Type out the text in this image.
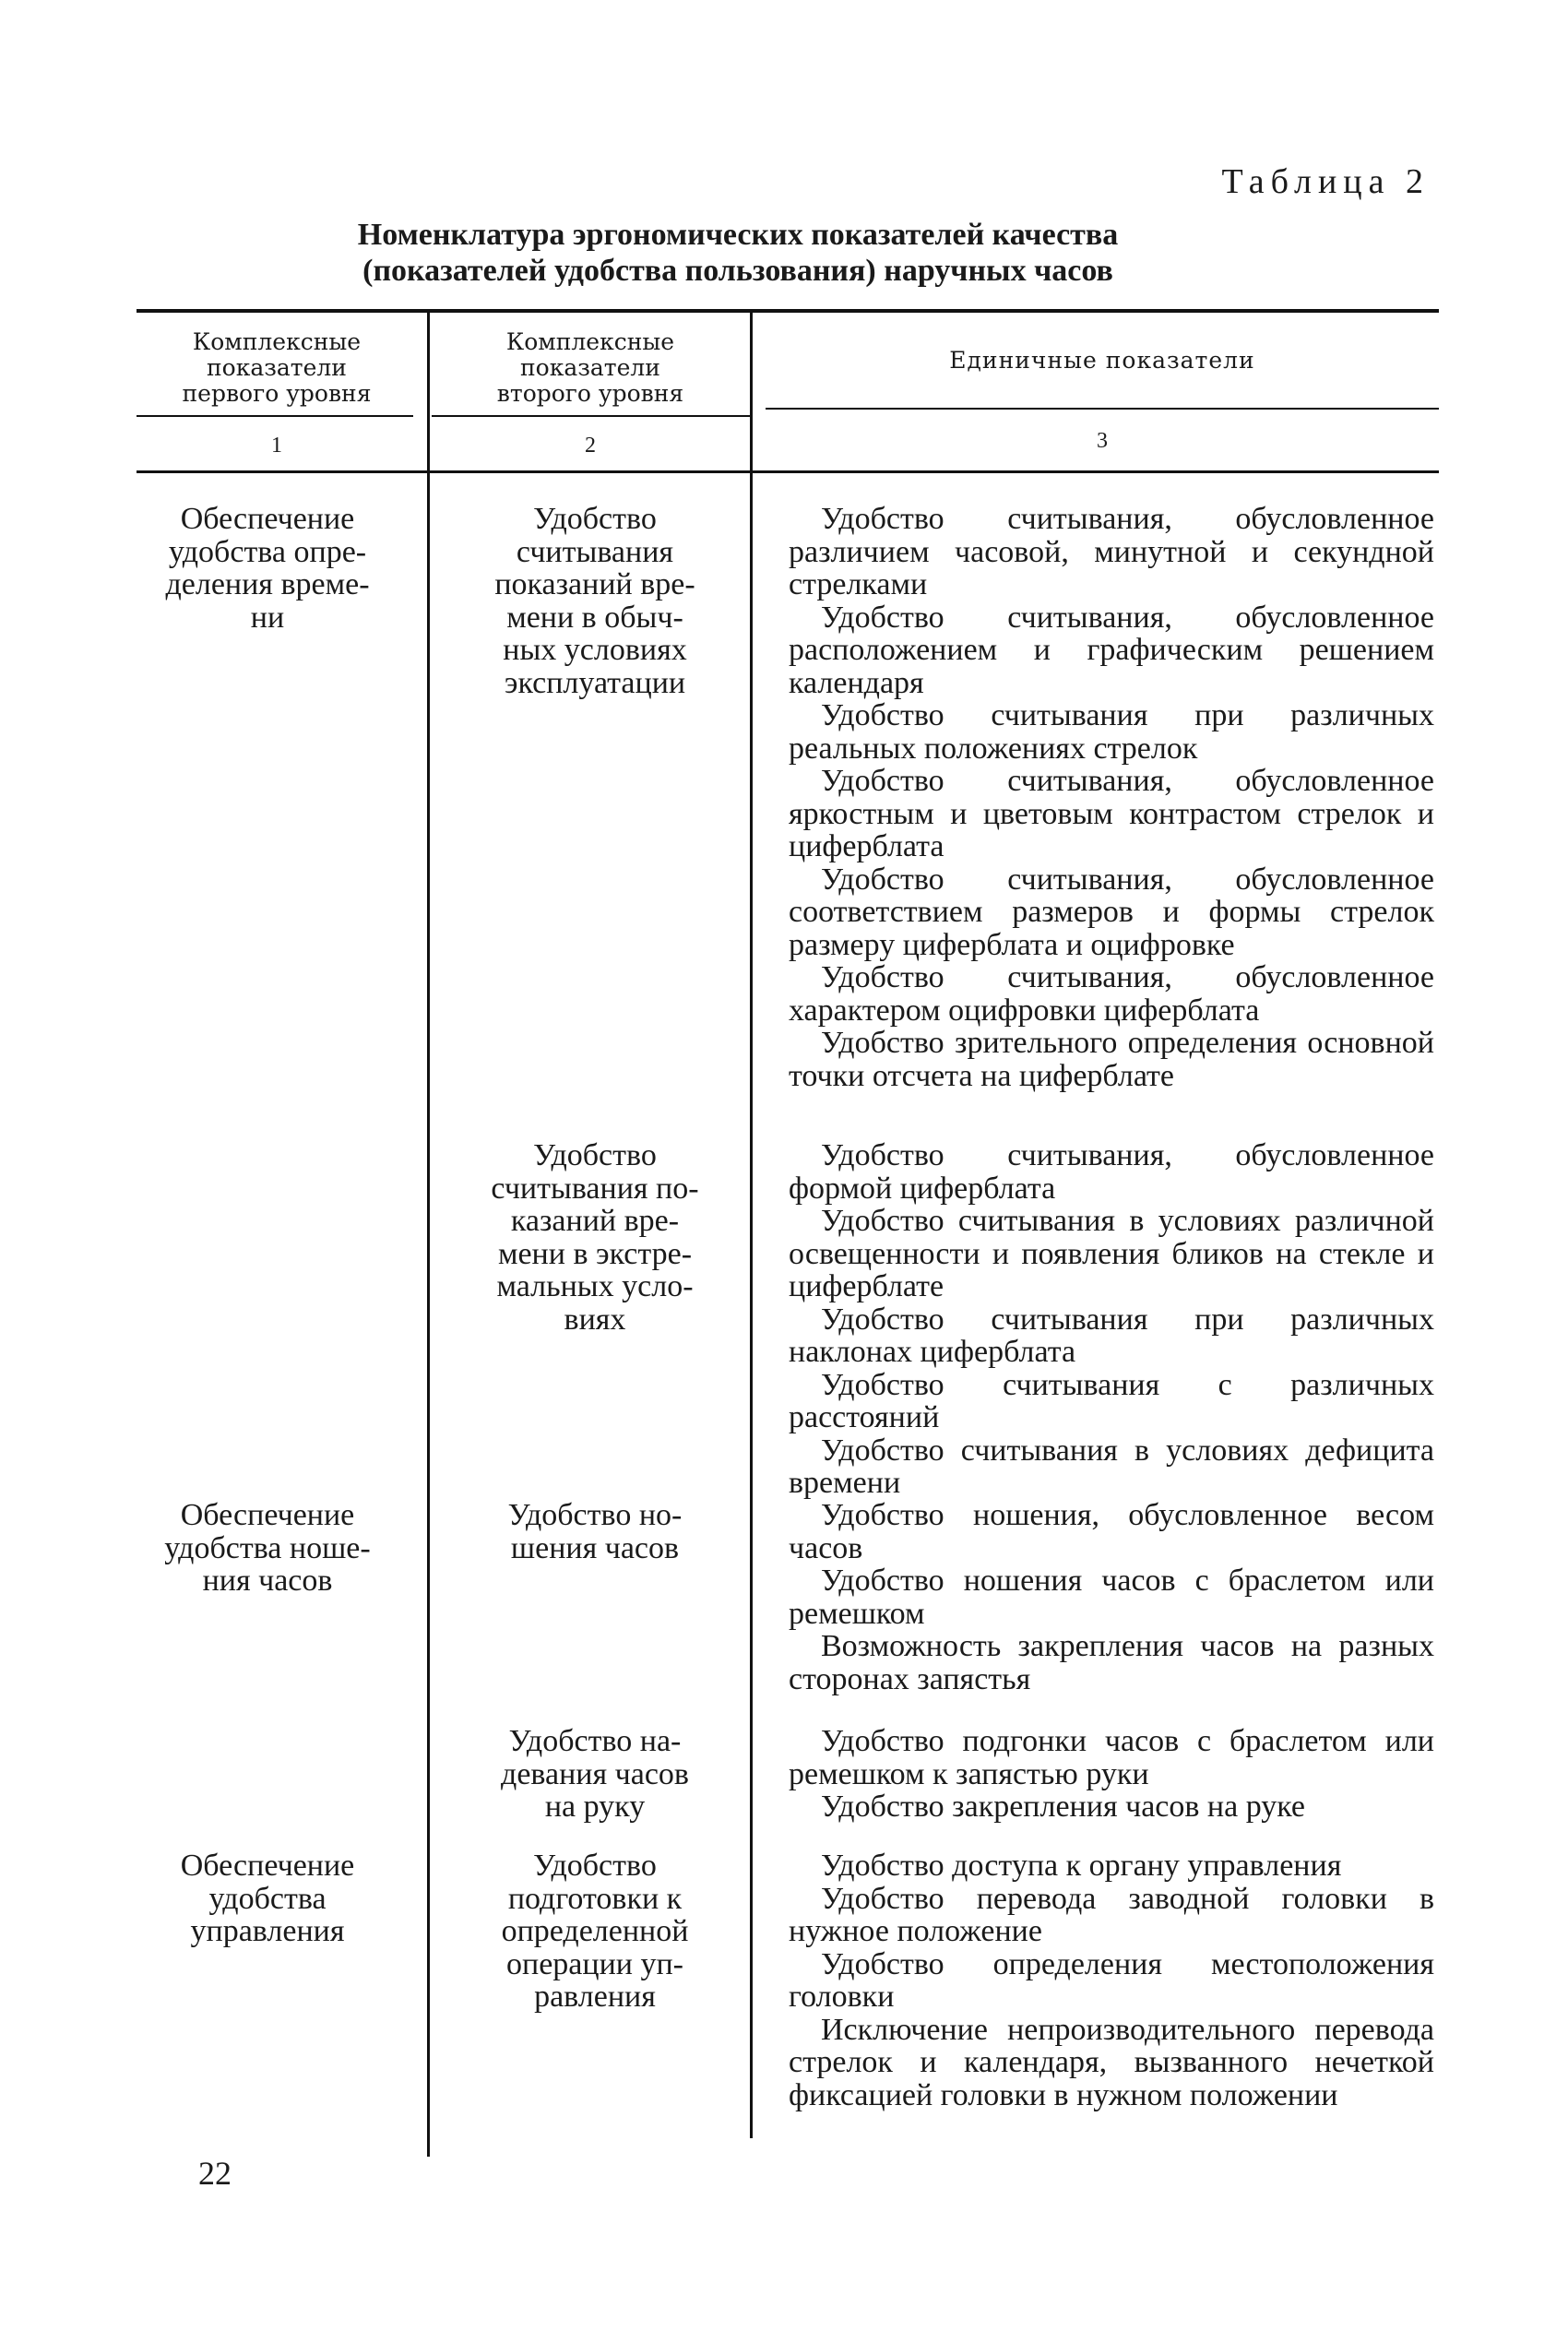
Таблица 2
Номенклатура эргономических показателей качества
(показателей удобства пользования) наручных часов
Комплексные
показатели
первого уровня
Комплексные
показатели
второго уровня
Единичные показатели
1	2	3
Обеспечение
удобства опре-
деления време-
ни
Удобство
считывания
показаний вре-
мени в обыч-
ных условиях
эксплуатации
Удобство считывания, обусловленное различием часовой, минутной и секундной стрелками
Удобство считывания, обусловленное расположением и графическим решением календаря
Удобство считывания при различных реальных положениях стрелок
Удобство считывания, обусловленное яркостным и цветовым контрастом стрелок и циферблата
Удобство считывания, обусловленное соответствием размеров и формы стрелок размеру циферблата и оцифровке
Удобство считывания, обусловленное характером оцифровки циферблата
Удобство зрительного определения основной точки отсчета на циферблате
Удобство
считывания по-
казаний вре-
мени в экстре-
мальных усло-
виях
Удобство считывания, обусловленное формой циферблата
Удобство считывания в условиях различной освещенности и появления бликов на стекле и циферблате
Удобство считывания при различных наклонах циферблата
Удобство считывания с различных расстояний
Удобство считывания в условиях дефицита времени
Обеспечение
удобства ноше-
ния часов
Удобство но-
шения часов
Удобство ношения, обусловленное весом часов
Удобство ношения часов с браслетом или ремешком
Возможность закрепления часов на разных сторонах запястья
Удобство на-
девания часов
на руку
Удобство подгонки часов с браслетом или ремешком к запястью руки
Удобство закрепления часов на руке
Обеспечение
удобства
управления
Удобство
подготовки к
определенной
операции уп-
равления
Удобство доступа к органу управления
Удобство перевода заводной головки в нужное положение
Удобство определения местоположения головки
Исключение непроизводительного перевода стрелок и календаря, вызванного нечеткой фиксацией головки в нужном положении
22
